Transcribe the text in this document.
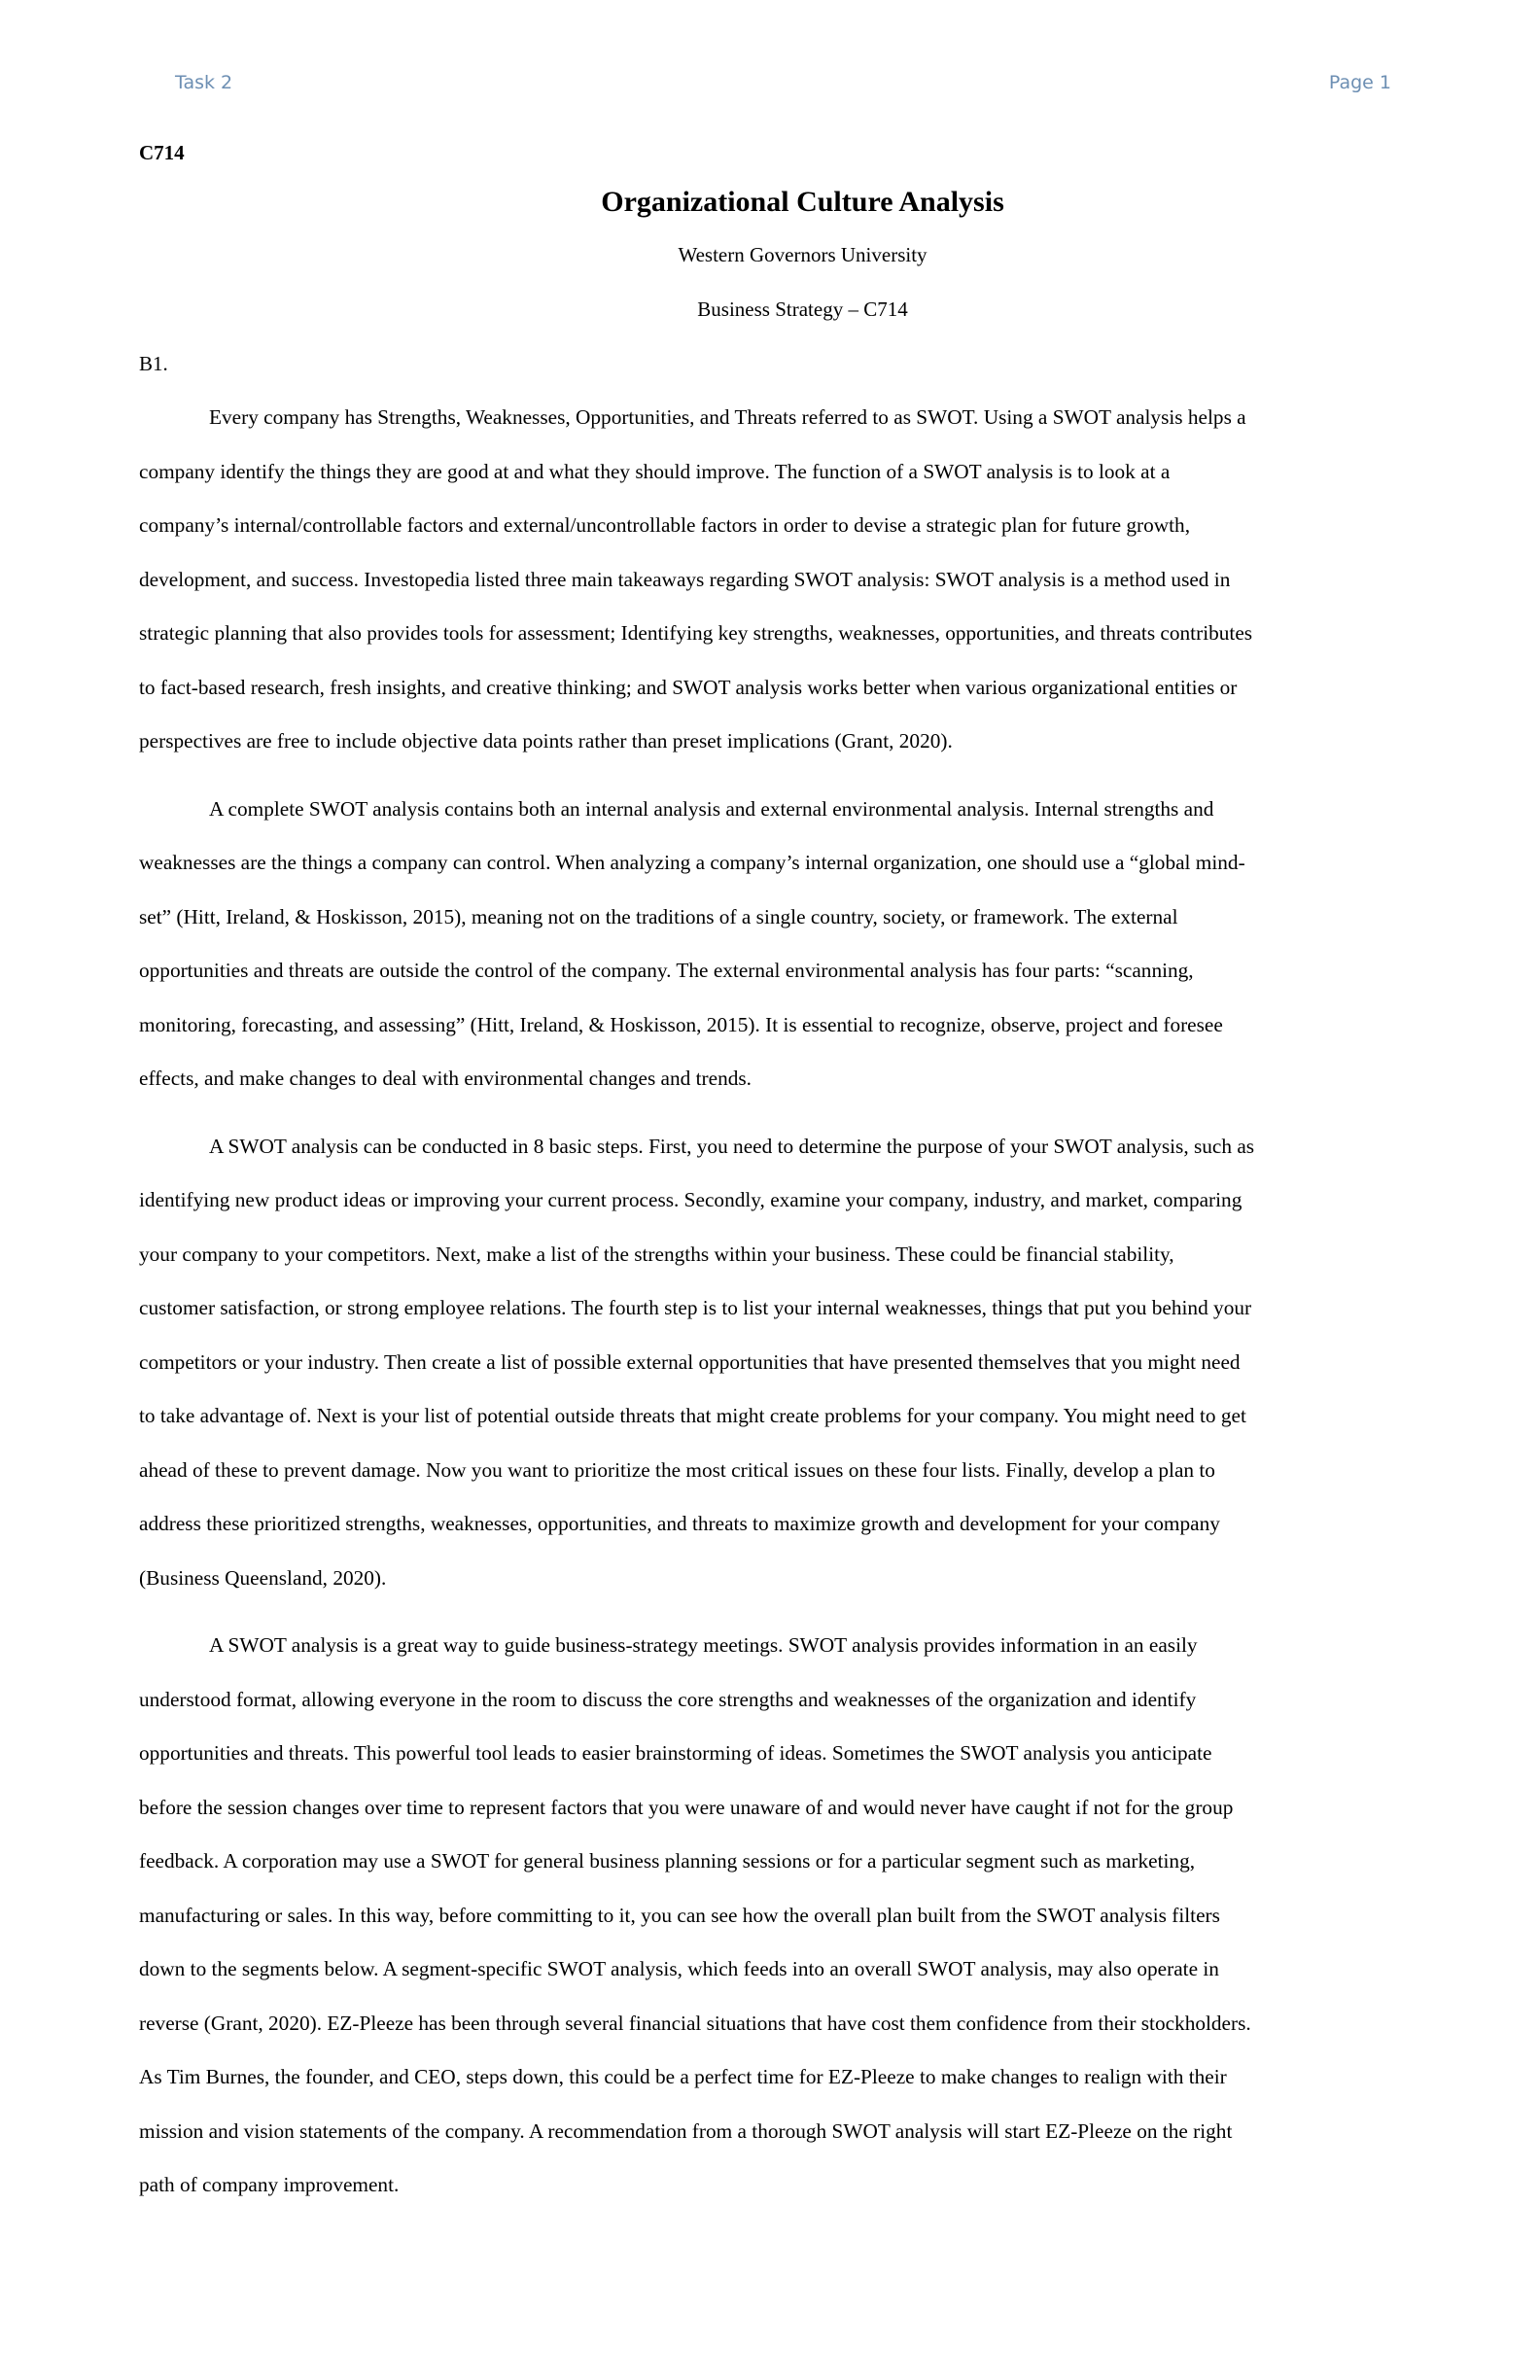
Task 2	Page 1

C714

Organizational Culture Analysis

Western Governors University

Business Strategy – C714

B1.

Every company has Strengths, Weaknesses, Opportunities, and Threats referred to as SWOT. Using a SWOT analysis helps a
company identify the things they are good at and what they should improve. The function of a SWOT analysis is to look at a
company’s internal/controllable factors and external/uncontrollable factors in order to devise a strategic plan for future growth,
development, and success. Investopedia listed three main takeaways regarding SWOT analysis: SWOT analysis is a method used in
strategic planning that also provides tools for assessment; Identifying key strengths, weaknesses, opportunities, and threats contributes
to fact-based research, fresh insights, and creative thinking; and SWOT analysis works better when various organizational entities or
perspectives are free to include objective data points rather than preset implications (Grant, 2020).
A complete SWOT analysis contains both an internal analysis and external environmental analysis. Internal strengths and
weaknesses are the things a company can control. When analyzing a company’s internal organization, one should use a “global mind-
set” (Hitt, Ireland, & Hoskisson, 2015), meaning not on the traditions of a single country, society, or framework. The external
opportunities and threats are outside the control of the company. The external environmental analysis has four parts: “scanning,
monitoring, forecasting, and assessing” (Hitt, Ireland, & Hoskisson, 2015). It is essential to recognize, observe, project and foresee
effects, and make changes to deal with environmental changes and trends.
A SWOT analysis can be conducted in 8 basic steps. First, you need to determine the purpose of your SWOT analysis, such as
identifying new product ideas or improving your current process. Secondly, examine your company, industry, and market, comparing
your company to your competitors. Next, make a list of the strengths within your business. These could be financial stability,
customer satisfaction, or strong employee relations. The fourth step is to list your internal weaknesses, things that put you behind your
competitors or your industry. Then create a list of possible external opportunities that have presented themselves that you might need
to take advantage of. Next is your list of potential outside threats that might create problems for your company. You might need to get
ahead of these to prevent damage. Now you want to prioritize the most critical issues on these four lists. Finally, develop a plan to
address these prioritized strengths, weaknesses, opportunities, and threats to maximize growth and development for your company
(Business Queensland, 2020).
A SWOT analysis is a great way to guide business-strategy meetings. SWOT analysis provides information in an easily
understood format, allowing everyone in the room to discuss the core strengths and weaknesses of the organization and identify
opportunities and threats. This powerful tool leads to easier brainstorming of ideas. Sometimes the SWOT analysis you anticipate
before the session changes over time to represent factors that you were unaware of and would never have caught if not for the group
feedback. A corporation may use a SWOT for general business planning sessions or for a particular segment such as marketing,
manufacturing or sales. In this way, before committing to it, you can see how the overall plan built from the SWOT analysis filters
down to the segments below. A segment-specific SWOT analysis, which feeds into an overall SWOT analysis, may also operate in
reverse (Grant, 2020). EZ-Pleeze has been through several financial situations that have cost them confidence from their stockholders.
As Tim Burnes, the founder, and CEO, steps down, this could be a perfect time for EZ-Pleeze to make changes to realign with their
mission and vision statements of the company. A recommendation from a thorough SWOT analysis will start EZ-Pleeze on the right
path of company improvement.
